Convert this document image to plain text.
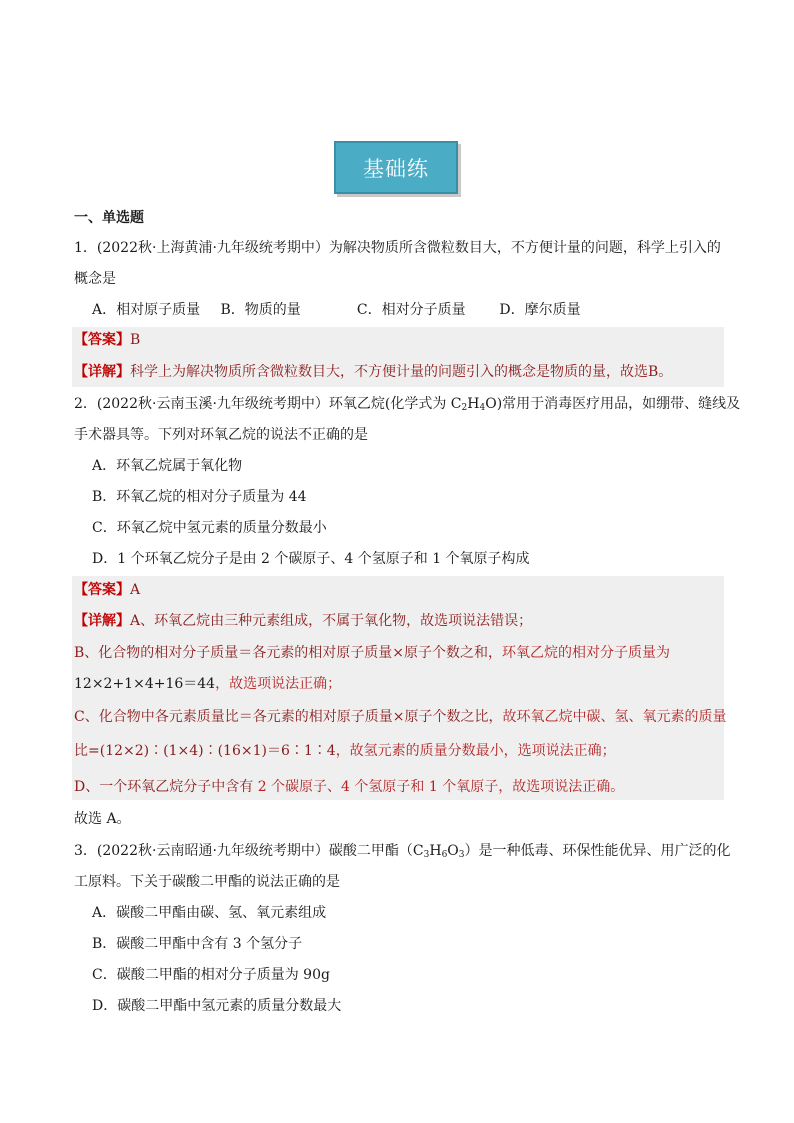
基础练
一、单选题
1．(2022秋·上海黄浦·九年级统考期中）为解决物质所含微粒数目大，不方便计量的问题，科学上引入的
概念是
A．相对原子质量 B．物质的量	C．相对分子质量 D．摩尔质量
【答案】B
【详解】科学上为解决物质所含微粒数目大，不方便计量的问题引入的概念是物质的量，故选B。
2．(2022秋·云南玉溪·九年级统考期中）环氧乙烷(化学式为 $C_2H_4O$)常用于消毒医疗用品，如绷带、缝线及
手术器具等。下列对环氧乙烷的说法不正确的是
A．环氧乙烷属于氧化物
B．环氧乙烷的相对分子质量为 44
C．环氧乙烷中氢元素的质量分数最小
D．1 个环氧乙烷分子是由 2 个碳原子、4 个氢原子和 1 个氧原子构成
【答案】A
【详解】A、环氧乙烷由三种元素组成，不属于氧化物，故选项说法错误；
B、化合物的相对分子质量＝各元素的相对原子质量×原子个数之和，环氧乙烷的相对分子质量为
12×2+1×4+16＝44，故选项说法正确；
C、化合物中各元素质量比＝各元素的相对原子质量×原子个数之比，故环氧乙烷中碳、氢、氧元素的质量
比=(12×2)∶(1×4)∶(16×1)＝6∶1∶4，故氢元素的质量分数最小，选项说法正确；
D、一个环氧乙烷分子中含有 2 个碳原子、4 个氢原子和 1 个氧原子，故选项说法正确。
故选 A。
3．(2022秋·云南昭通·九年级统考期中）碳酸二甲酯$(C_3H_6O_3)$是一种低毒、环保性能优异、用广泛的化
工原料。下关于碳酸二甲酯的说法正确的是
A．碳酸二甲酯由碳、氢、氧元素组成
B．碳酸二甲酯中含有 3 个氢分子
C．碳酸二甲酯的相对分子质量为 90g
D．碳酸二甲酯中氢元素的质量分数最大
